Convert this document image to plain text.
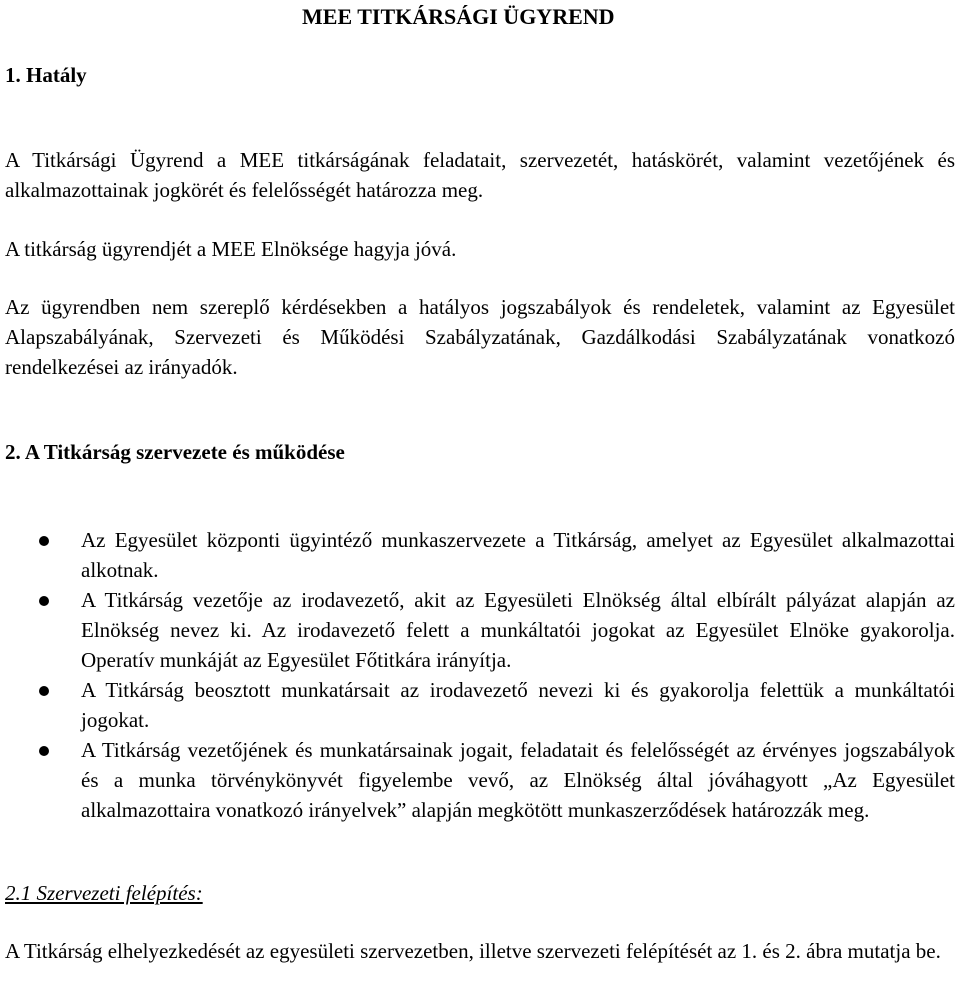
MEE TITKÁRSÁGI ÜGYREND
1. Hatály

A Titkársági Ügyrend a MEE titkárságának feladatait, szervezetét, hatáskörét, valamint vezetőjének és alkalmazottainak jogkörét és felelősségét határozza meg.

A titkárság ügyrendjét a MEE Elnöksége hagyja jóvá.

Az ügyrendben nem szereplő kérdésekben a hatályos jogszabályok és rendeletek, valamint az Egyesület Alapszabályának, Szervezeti és Működési Szabályzatának, Gazdálkodási Szabályzatának vonatkozó rendelkezései az irányadók.

2. A Titkárság szervezete és működése
Az Egyesület központi ügyintéző munkaszervezete a Titkárság, amelyet az Egyesület alkalmazottai alkotnak.
A Titkárság vezetője az irodavezető, akit az Egyesületi Elnökség által elbírált pályázat alapján az Elnökség nevez ki. Az irodavezető felett a munkáltatói jogokat az Egyesület Elnöke gyakorolja. Operatív munkáját az Egyesület Főtitkára irányítja.
A Titkárság beosztott munkatársait az irodavezető nevezi ki és gyakorolja felettük a munkáltatói jogokat.
A Titkárság vezetőjének és munkatársainak jogait, feladatait és felelősségét az érvényes jogszabályok és a munka törvénykönyvét figyelembe vevő, az Elnökség által jóváhagyott „Az Egyesület alkalmazottaira vonatkozó irányelvek” alapján megkötött munkaszerződések határozzák meg.
2.1 Szervezeti felépítés:

A Titkárság elhelyezkedését az egyesületi szervezetben, illetve szervezeti felépítését az 1. és 2. ábra mutatja be.
